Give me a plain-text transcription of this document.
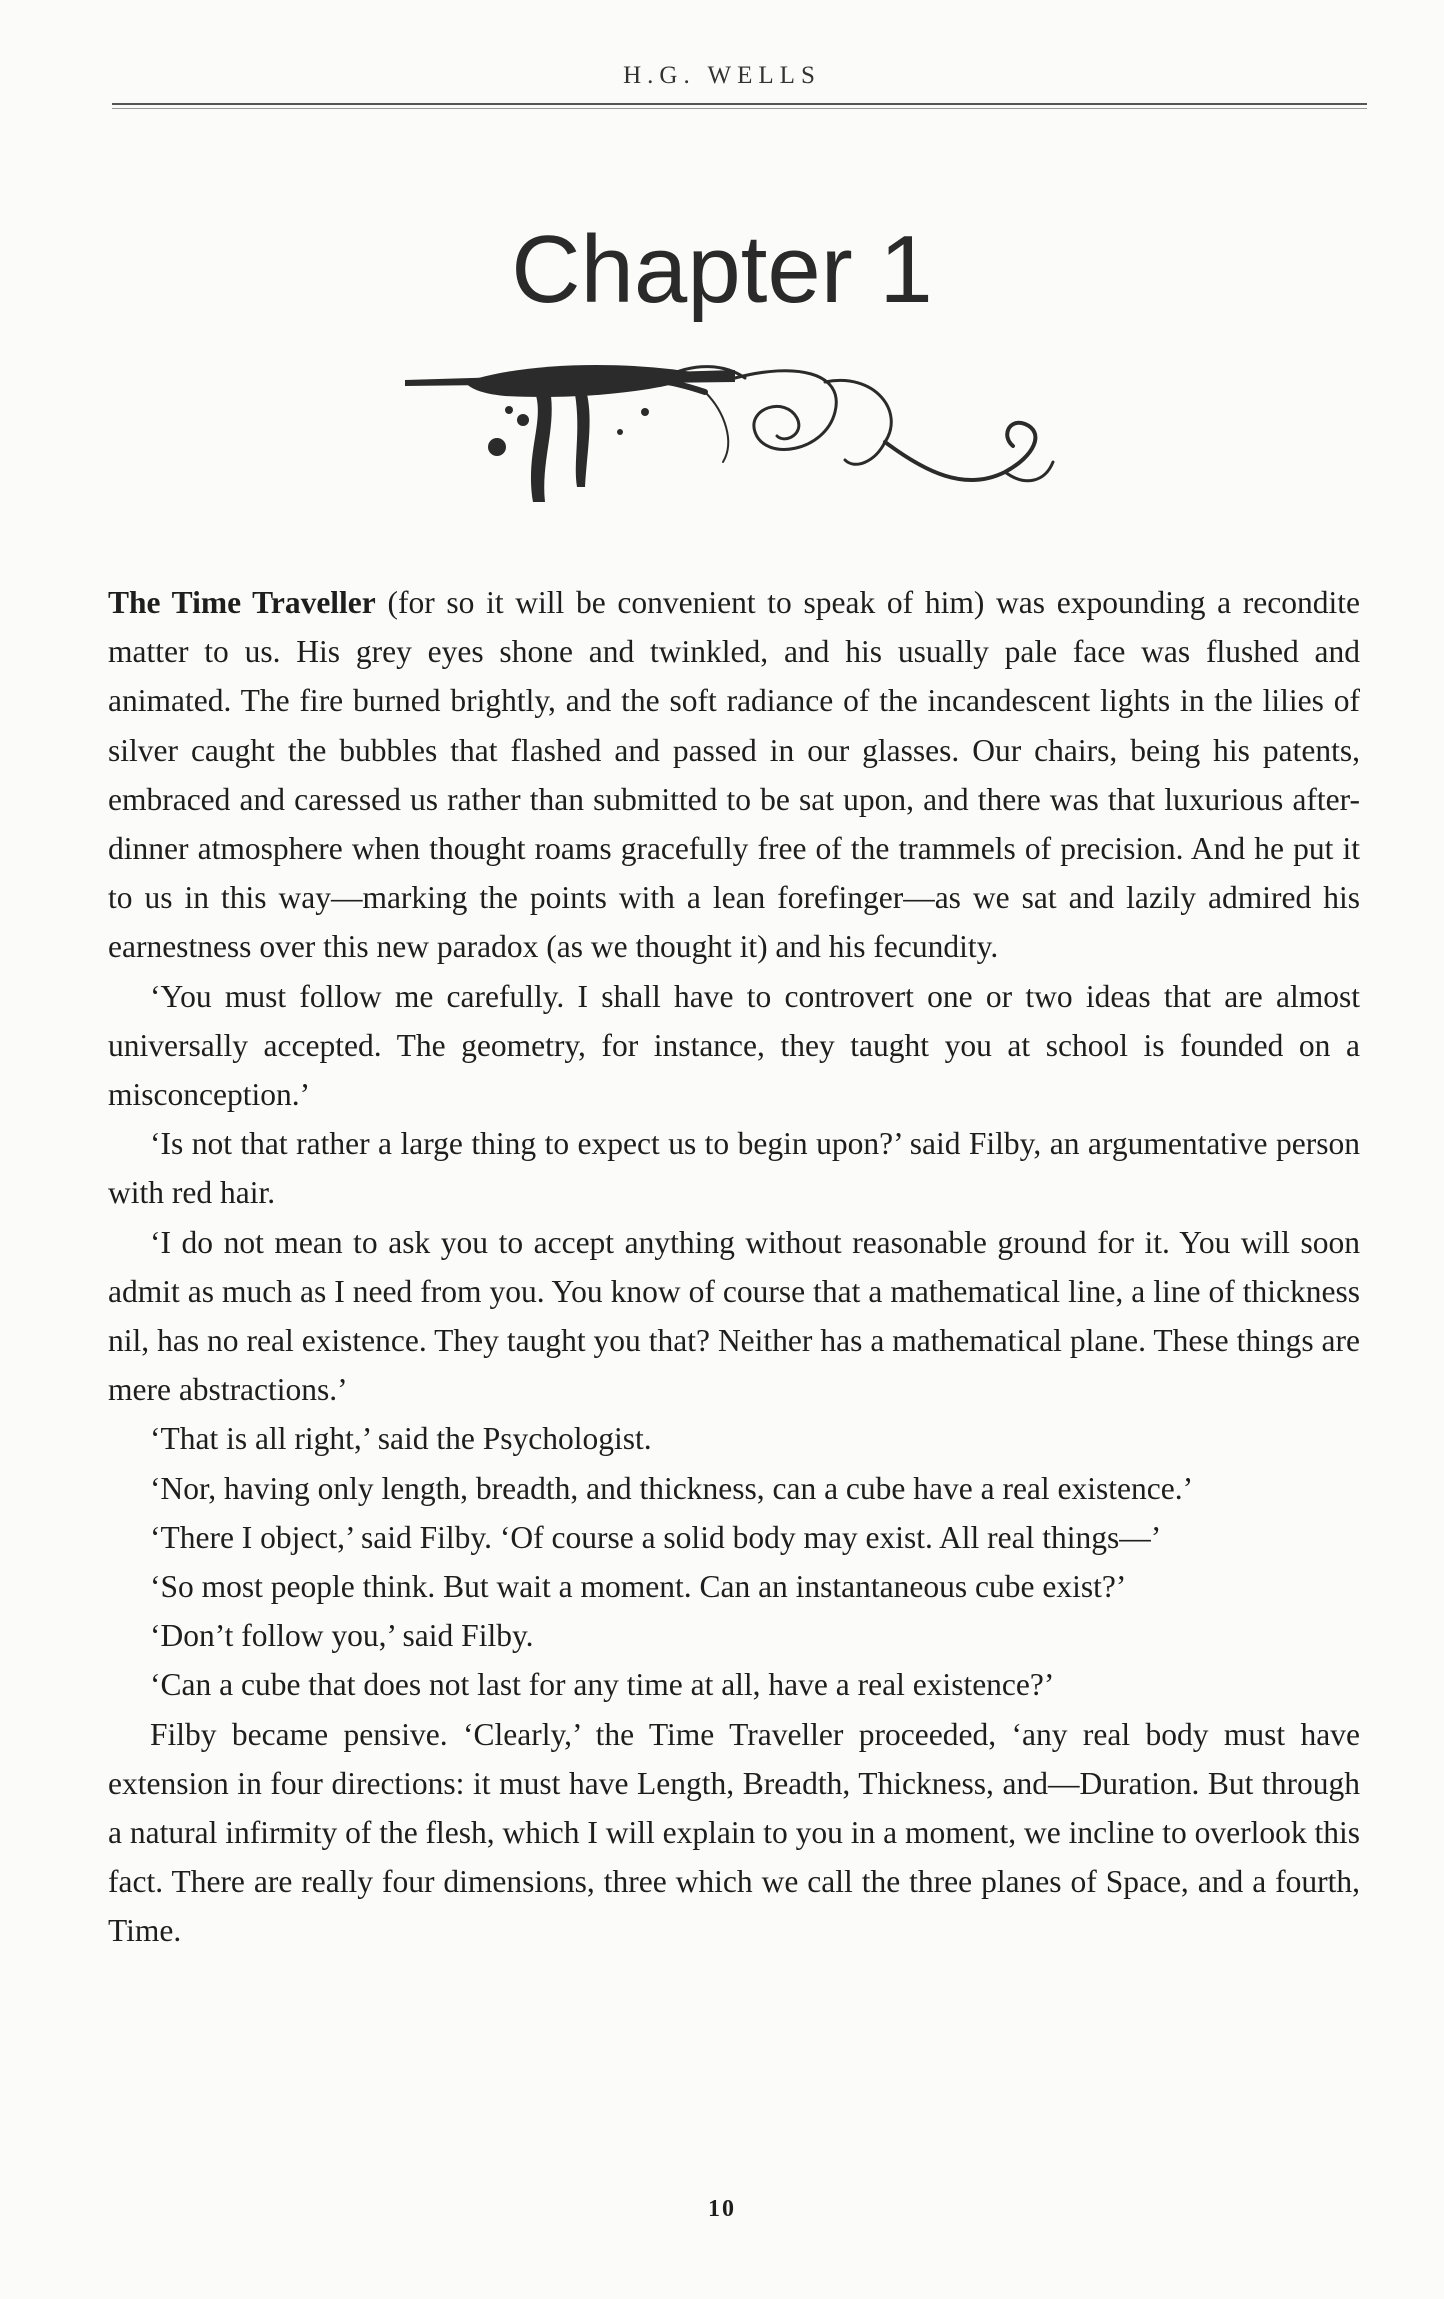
H.G. WELLS
Chapter 1

The Time Traveller (for so it will be convenient to speak of him) was expounding a recondite matter to us. His grey eyes shone and twinkled, and his usually pale face was flushed and animated. The fire burned brightly, and the soft radiance of the incandescent lights in the lilies of silver caught the bubbles that flashed and passed in our glasses. Our chairs, being his patents, embraced and caressed us rather than submitted to be sat upon, and there was that luxurious after-dinner atmosphere when thought roams gracefully free of the trammels of precision. And he put it to us in this way—marking the points with a lean forefinger—as we sat and lazily admired his earnestness over this new paradox (as we thought it) and his fecundity.

‘You must follow me carefully. I shall have to controvert one or two ideas that are almost universally accepted. The geometry, for instance, they taught you at school is founded on a misconception.’

‘Is not that rather a large thing to expect us to begin upon?’ said Filby, an argumentative person with red hair.

‘I do not mean to ask you to accept anything without reasonable ground for it. You will soon admit as much as I need from you. You know of course that a mathematical line, a line of thickness nil, has no real existence. They taught you that? Neither has a mathematical plane. These things are mere abstractions.’

‘That is all right,’ said the Psychologist.

‘Nor, having only length, breadth, and thickness, can a cube have a real existence.’

‘There I object,’ said Filby. ‘Of course a solid body may exist. All real things—’

‘So most people think. But wait a moment. Can an instantaneous cube exist?’

‘Don’t follow you,’ said Filby.

‘Can a cube that does not last for any time at all, have a real existence?’

Filby became pensive. ‘Clearly,’ the Time Traveller proceeded, ‘any real body must have extension in four directions: it must have Length, Breadth, Thickness, and—Duration. But through a natural infirmity of the flesh, which I will explain to you in a moment, we incline to overlook this fact. There are really four dimensions, three which we call the three planes of Space, and a fourth, Time.

10
